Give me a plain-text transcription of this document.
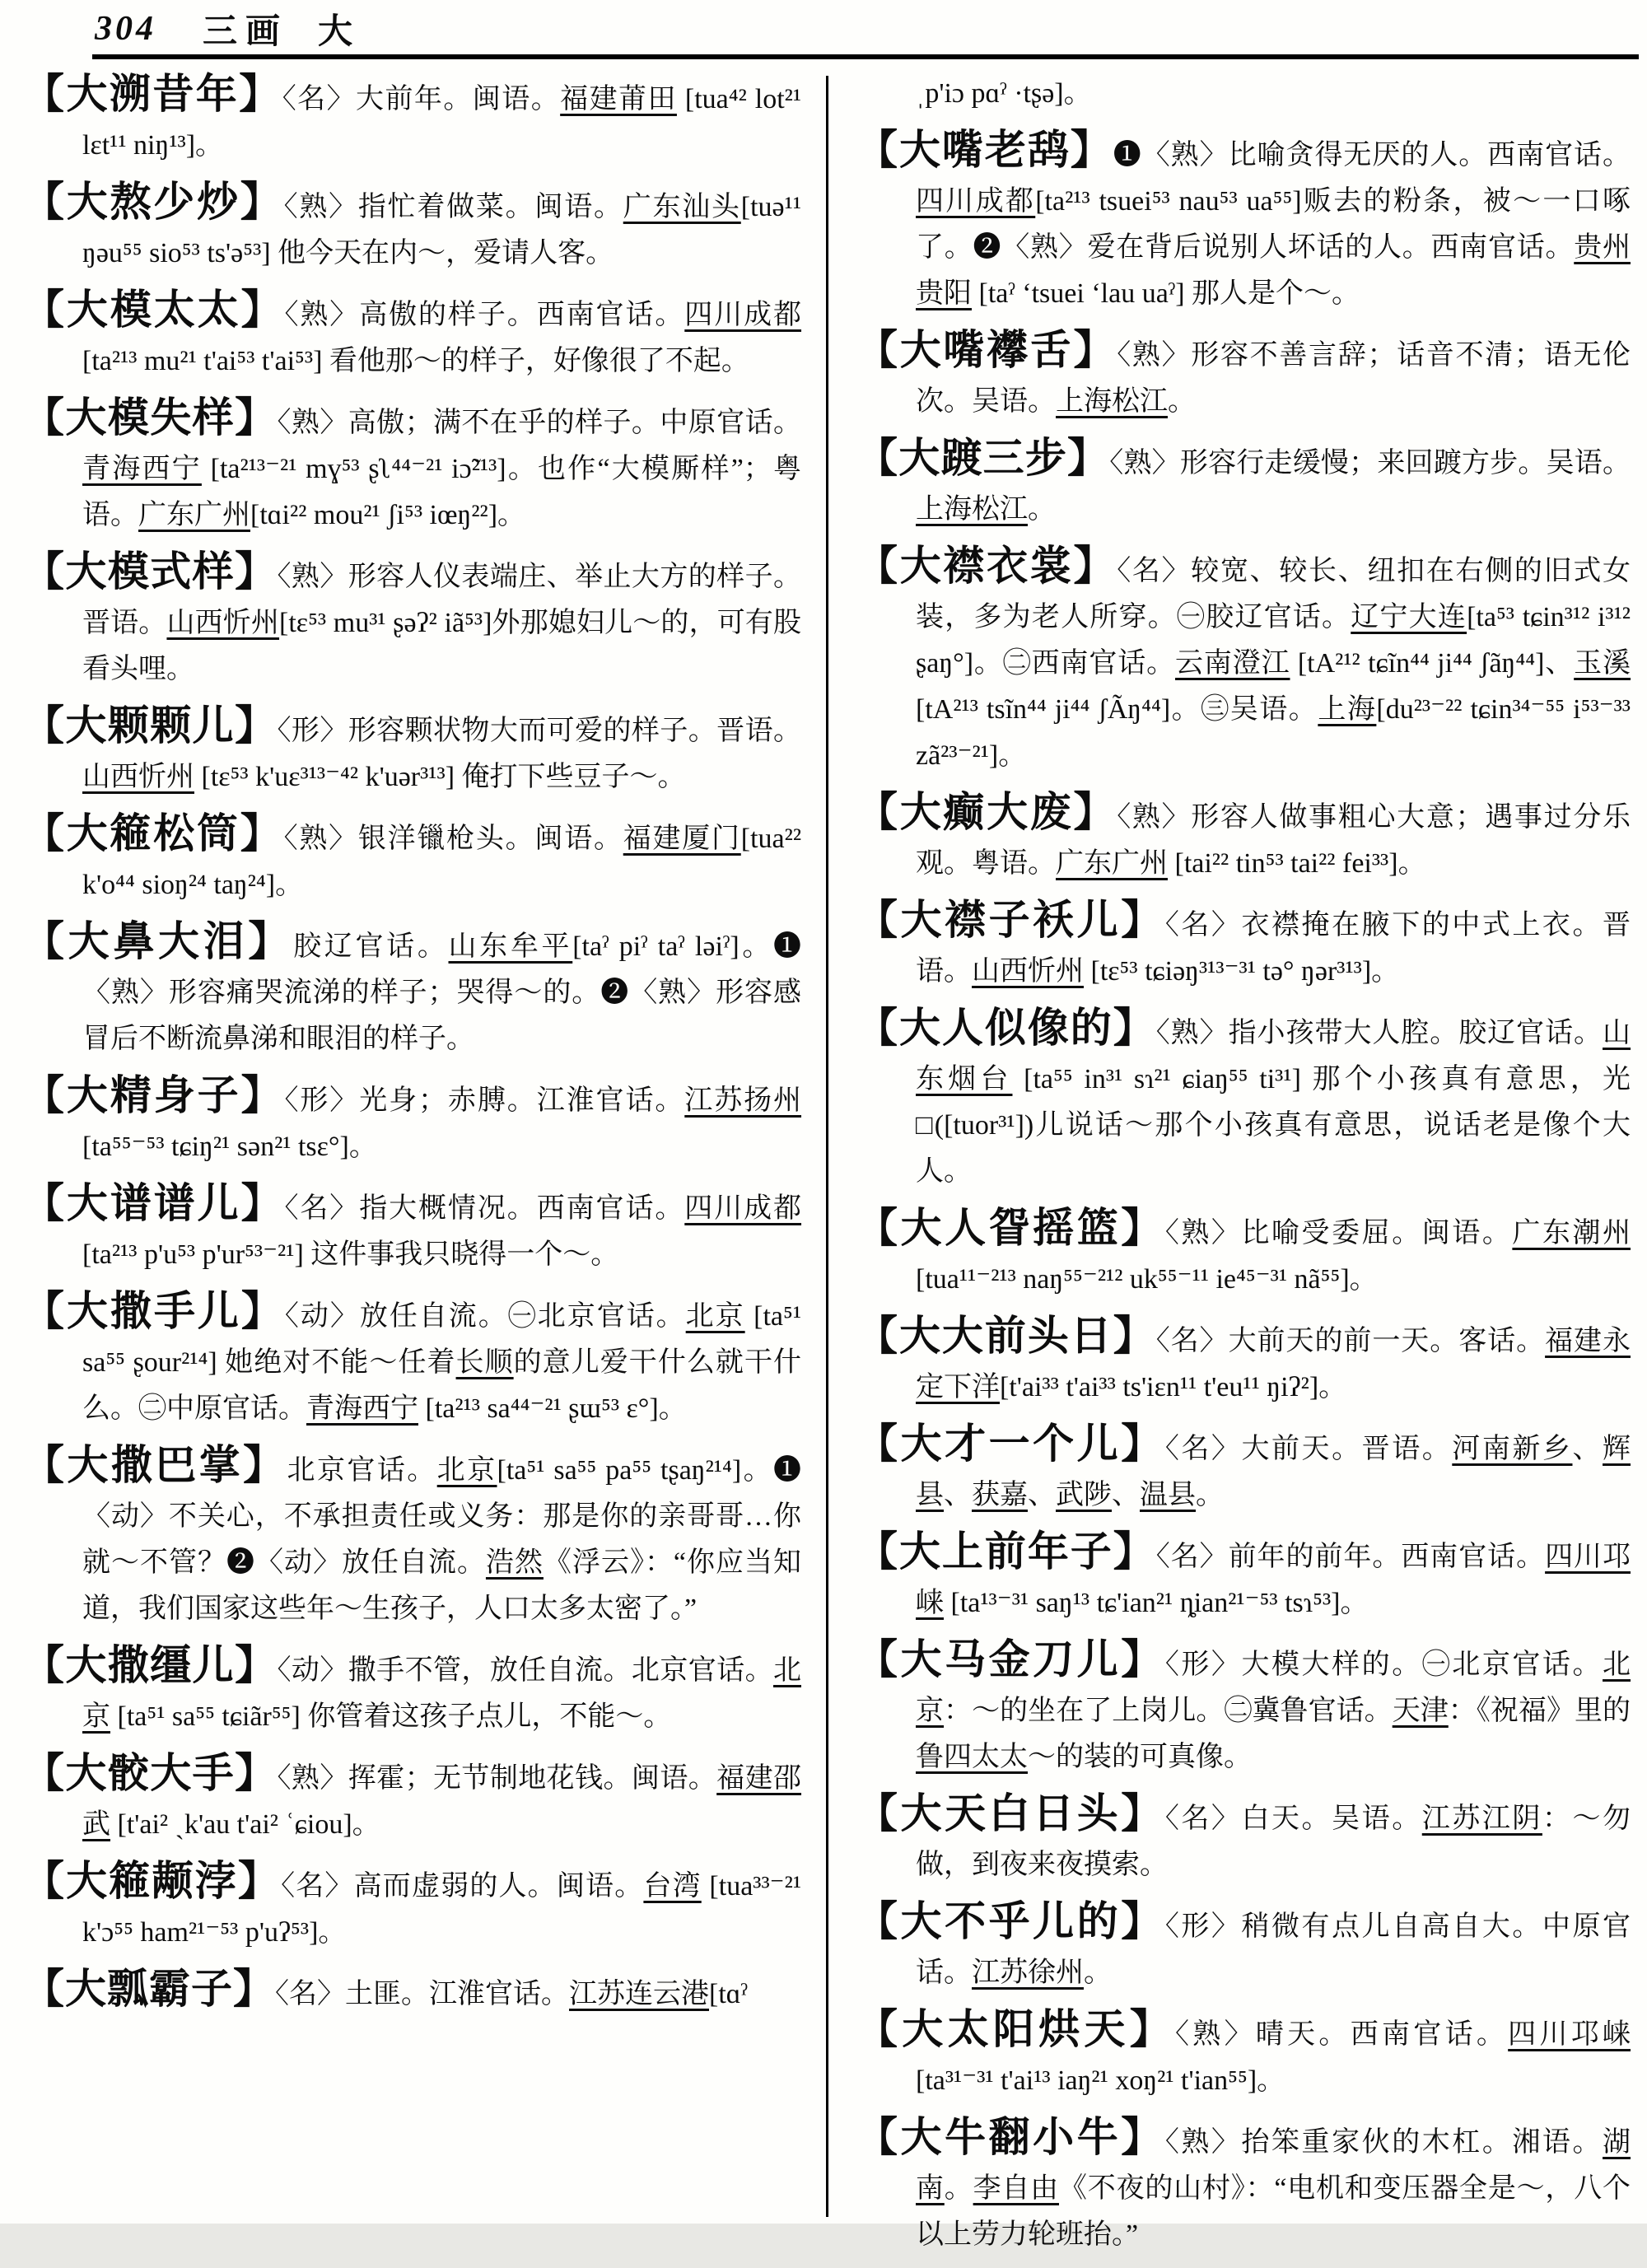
304 三画 大

【大溯昔年】〈名〉大前年。闽语。福建莆田 [tua⁴² lot²¹ lɛt¹¹ niŋ¹³]。

【大熬少炒】〈熟〉指忙着做菜。闽语。广东汕头[tuə¹¹ ŋəu⁵⁵ sio⁵³ ts'ə⁵³] 他今天在内～，爱请人客。

【大模太太】〈熟〉高傲的样子。西南官话。四川成都 [ta²¹³ mu²¹ t'ai⁵³ t'ai⁵³] 看他那～的样子，好像很了不起。

【大模失样】〈熟〉高傲；满不在乎的样子。中原官话。青海西宁 [ta²¹³⁻²¹ mɣ⁵³ ʂʅ⁴⁴⁻²¹ iɔ̃²¹³]。也作“大模厮样”；粤语。广东广州[tɑi²² mou²¹ ʃi⁵³ iœŋ²²]。

【大模式样】〈熟〉形容人仪表端庄、举止大方的样子。晋语。山西忻州[tɛ⁵³ mu³¹ ʂəʔ² iã⁵³]外那媳妇儿～的，可有股看头哩。

【大颗颗儿】〈形〉形容颗状物大而可爱的样子。晋语。山西忻州 [tɛ⁵³ k'uɛ³¹³⁻⁴² k'uər³¹³] 俺打下些豆子～。

【大篐松筒】〈熟〉银洋镴枪头。闽语。福建厦门[tua²² k'o⁴⁴ sioŋ²⁴ taŋ²⁴]。

【大鼻大泪】胶辽官话。山东牟平[taˀ piˀ taˀ ləiˀ]。❶〈熟〉形容痛哭流涕的样子；哭得～的。❷〈熟〉形容感冒后不断流鼻涕和眼泪的样子。

【大精身子】〈形〉光身；赤膊。江淮官话。江苏扬州 [ta⁵⁵⁻⁵³ tɕiŋ²¹ sən²¹ tsɛ°]。

【大谱谱儿】〈名〉指大概情况。西南官话。四川成都 [ta²¹³ p'u⁵³ p'ur⁵³⁻²¹] 这件事我只晓得一个～。

【大撒手儿】〈动〉放任自流。㊀北京官话。北京 [ta⁵¹ sa⁵⁵ ʂour²¹⁴] 她绝对不能～任着长顺的意儿爱干什么就干什么。㊁中原官话。青海西宁 [ta²¹³ sa⁴⁴⁻²¹ ʂɯ⁵³ ɛ°]。

【大撒巴掌】北京官话。北京[ta⁵¹ sa⁵⁵ pa⁵⁵ tʂaŋ²¹⁴]。❶〈动〉不关心，不承担责任或义务：那是你的亲哥哥…你就～不管？❷〈动〉放任自流。浩然《浮云》：“你应当知道，我们国家这些年～生孩子，人口太多太密了。”

【大撒缰儿】〈动〉撒手不管，放任自流。北京官话。北京 [ta⁵¹ sa⁵⁵ tɕiãr⁵⁵] 你管着这孩子点儿，不能～。

【大骹大手】〈熟〉挥霍；无节制地花钱。闽语。福建邵武 [t'ai² ˎk'au t'ai² ʿɕiou]。

【大篐颟浡】〈名〉高而虚弱的人。闽语。台湾 [tua³³⁻²¹ k'ɔ⁵⁵ ham²¹⁻⁵³ p'uʔ⁵³]。

【大瓢霸子】〈名〉土匪。江淮官话。江苏连云港[tɑˀ

ˌp'iɔ pɑˀ ·tʂə]。

【大嘴老鸹】❶〈熟〉比喻贪得无厌的人。西南官话。四川成都[ta²¹³ tsuei⁵³ nau⁵³ ua⁵⁵]贩去的粉条，被～一口啄了。❷〈熟〉爱在背后说别人坏话的人。西南官话。贵州贵阳 [taˀ ʻtsuei ʻlau uaˀ] 那人是个～。

【大嘴襻舌】〈熟〉形容不善言辞；话音不清；语无伦次。吴语。上海松江。

【大踱三步】〈熟〉形容行走缓慢；来回踱方步。吴语。上海松江。

【大襟衣裳】〈名〉较宽、较长、纽扣在右侧的旧式女装，多为老人所穿。㊀胶辽官话。辽宁大连[ta⁵³ tɕin³¹² i³¹² ʂaŋ°]。㊁西南官话。云南澄江 [tA²¹² tɕĩn⁴⁴ ji⁴⁴ ʃãŋ⁴⁴]、玉溪 [tA²¹³ tsĩn⁴⁴ ji⁴⁴ ʃÃŋ⁴⁴]。㊂吴语。上海[du²³⁻²² tɕin³⁴⁻⁵⁵ i⁵³⁻³³ zã²³⁻²¹]。

【大癫大废】〈熟〉形容人做事粗心大意；遇事过分乐观。粤语。广东广州 [tai²² tin⁵³ tai²² fei³³]。

【大襟子袄儿】〈名〉衣襟掩在腋下的中式上衣。晋语。山西忻州 [tɛ⁵³ tɕiəŋ³¹³⁻³¹ tə° ŋər³¹³]。

【大人似像的】〈熟〉指小孩带大人腔。胶辽官话。山东烟台 [ta⁵⁵ in³¹ sɿ²¹ ɕiaŋ⁵⁵ ti³¹] 那个小孩真有意思，光□([tuor³¹])儿说话～那个小孩真有意思，说话老是像个大人。

【大人眢摇篮】〈熟〉比喻受委屈。闽语。广东潮州 [tua¹¹⁻²¹³ naŋ⁵⁵⁻²¹² uk⁵⁵⁻¹¹ ie⁴⁵⁻³¹ nã⁵⁵]。

【大大前头日】〈名〉大前天的前一天。客话。福建永定下洋[t'ai³³ t'ai³³ ts'iɛn¹¹ t'eu¹¹ ŋiʔ²]。

【大才一个儿】〈名〉大前天。晋语。河南新乡、辉县、获嘉、武陟、温县。

【大上前年子】〈名〉前年的前年。西南官话。四川邛崃 [ta¹³⁻³¹ saŋ¹³ tɕ'ian²¹ ȵian²¹⁻⁵³ tsɿ⁵³]。

【大马金刀儿】〈形〉大模大样的。㊀北京官话。北京：～的坐在了上岗儿。㊁冀鲁官话。天津：《祝福》里的鲁四太太～的装的可真像。

【大天白日头】〈名〉白天。吴语。江苏江阴：～勿做，到夜来夜摸索。

【大不乎儿的】〈形〉稍微有点儿自高自大。中原官话。江苏徐州。

【大太阳烘天】〈熟〉晴天。西南官话。四川邛崃[ta³¹⁻³¹ t'ai¹³ iaŋ²¹ xoŋ²¹ t'ian⁵⁵]。

【大牛翻小牛】〈熟〉抬笨重家伙的木杠。湘语。湖南。李自由《不夜的山村》：“电机和变压器全是～，八个以上劳力轮班抬。”
